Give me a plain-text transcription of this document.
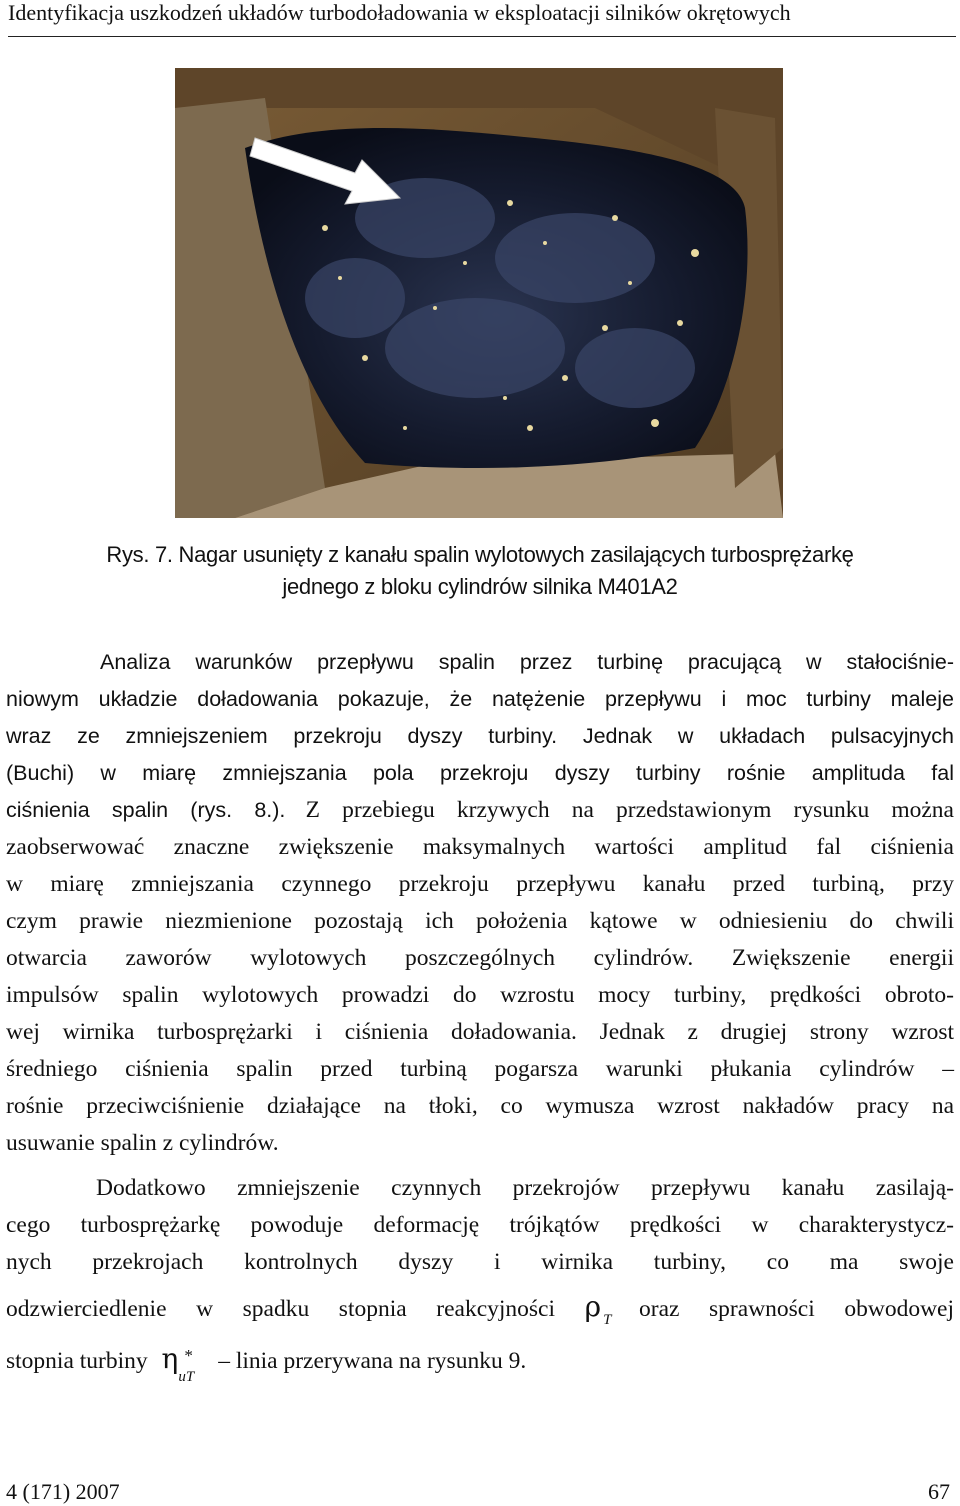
Identyfikacja uszkodzeń układów turbodoładowania w eksploatacji silników okrętowych
Rys. 7. Nagar usunięty z kanału spalin wylotowych zasilających turbosprężarkę
jednego z bloku cylindrów silnika M401A2
Analiza warunków przepływu spalin przez turbinę pracującą w stałociśnie-
niowym układzie doładowania pokazuje, że natężenie przepływu i moc turbiny maleje
wraz ze zmniejszeniem przekroju dyszy turbiny. Jednak w układach pulsacyjnych
(Buchi) w miarę zmniejszania pola przekroju dyszy turbiny rośnie amplituda fal
ciśnienia spalin (rys. 8.). Z przebiegu krzywych na przedstawionym rysunku można
zaobserwować znaczne zwiększenie maksymalnych wartości amplitud fal ciśnienia
w miarę zmniejszania czynnego przekroju przepływu kanału przed turbiną, przy
czym prawie niezmienione pozostają ich położenia kątowe w odniesieniu do chwili
otwarcia zaworów wylotowych poszczególnych cylindrów. Zwiększenie energii
impulsów spalin wylotowych prowadzi do wzrostu mocy turbiny, prędkości obroto-
wej wirnika turbosprężarki i ciśnienia doładowania. Jednak z drugiej strony wzrost
średniego ciśnienia spalin przed turbiną pogarsza warunki płukania cylindrów –
rośnie przeciwciśnienie działające na tłoki, co wymusza wzrost nakładów pracy na
usuwanie spalin z cylindrów.
Dodatkowo zmniejszenie czynnych przekrojów przepływu kanału zasilają-
cego turbosprężarkę powoduje deformację trójkątów prędkości w charakterystycz-
nych przekrojach kontrolnych dyszy i wirnika turbiny, co ma swoje
odzwierciedlenie w spadku stopnia reakcyjności ρ $_T$ oraz sprawności obwodowej
stopnia turbiny η *
uT
– linia przerywana na rysunku 9.
4 (171) 2007	67
